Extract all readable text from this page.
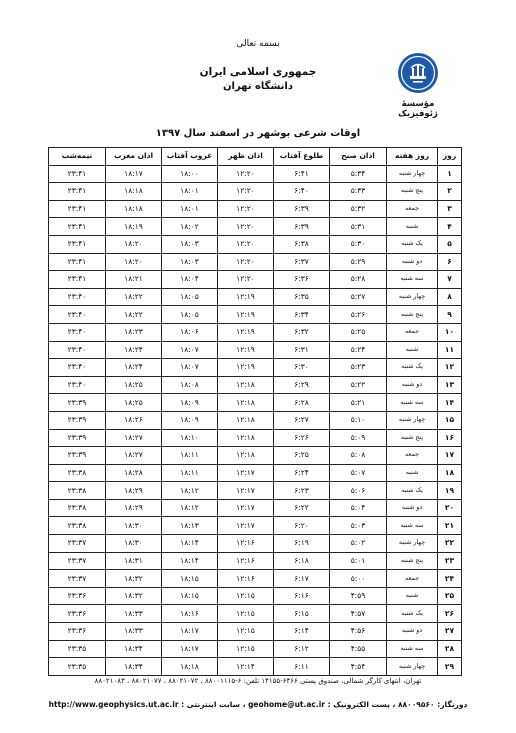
بسمه تعالی
جمهوری اسلامی ایران
دانشگاه تهران
مؤسسهٔ ژئوفیزیک
اوقات شرعی بوشهر در اسفند سال ۱۳۹۷
روز	روز هفته	اذان صبح	طلوع آفتاب	اذان ظهر	غروب آفتاب	اذان مغرب	نیمه‌شب
۱	چهار شنبه	۵:۳۴	۶:۴۱	۱۲:۲۰	۱۸:۰۰	۱۸:۱۷	۲۳:۴۱
۲	پنج شنبه	۵:۳۳	۶:۴۰	۱۲:۲۰	۱۸:۰۱	۱۸:۱۸	۲۳:۴۱
۳	جمعه	۵:۳۲	۶:۳۹	۱۲:۲۰	۱۸:۰۱	۱۸:۱۸	۲۳:۴۱
۴	شنبه	۵:۳۱	۶:۳۹	۱۲:۲۰	۱۸:۰۲	۱۸:۱۹	۲۳:۴۱
۵	یک شنبه	۵:۳۰	۶:۳۸	۱۲:۲۰	۱۸:۰۳	۱۸:۲۰	۲۳:۴۱
۶	دو شنبه	۵:۲۹	۶:۳۷	۱۲:۲۰	۱۸:۰۳	۱۸:۲۰	۲۳:۴۱
۷	سه شنبه	۵:۲۸	۶:۳۶	۱۲:۲۰	۱۸:۰۴	۱۸:۲۱	۲۳:۴۱
۸	چهار شنبه	۵:۲۷	۶:۳۵	۱۲:۱۹	۱۸:۰۵	۱۸:۲۲	۲۳:۴۰
۹	پنج شنبه	۵:۲۶	۶:۳۴	۱۲:۱۹	۱۸:۰۵	۱۸:۲۲	۲۳:۴۰
۱۰	جمعه	۵:۲۵	۶:۳۲	۱۲:۱۹	۱۸:۰۶	۱۸:۲۳	۲۳:۴۰
۱۱	شنبه	۵:۲۴	۶:۳۱	۱۲:۱۹	۱۸:۰۷	۱۸:۲۴	۲۳:۴۰
۱۲	یک شنبه	۵:۲۳	۶:۳۰	۱۲:۱۹	۱۸:۰۷	۱۸:۲۴	۲۳:۴۰
۱۳	دو شنبه	۵:۲۲	۶:۲۹	۱۲:۱۸	۱۸:۰۸	۱۸:۲۵	۲۳:۴۰
۱۴	سه شنبه	۵:۲۱	۶:۲۸	۱۲:۱۸	۱۸:۰۹	۱۸:۲۵	۲۳:۳۹
۱۵	چهار شنبه	۵:۱۰	۶:۲۷	۱۲:۱۸	۱۸:۰۹	۱۸:۲۶	۲۳:۳۹
۱۶	پنج شنبه	۵:۰۹	۶:۲۶	۱۲:۱۸	۱۸:۱۰	۱۸:۲۷	۲۳:۳۹
۱۷	جمعه	۵:۰۸	۶:۲۵	۱۲:۱۸	۱۸:۱۱	۱۸:۲۷	۲۳:۳۹
۱۸	شنبه	۵:۰۷	۶:۲۴	۱۲:۱۷	۱۸:۱۱	۱۸:۲۸	۲۳:۳۸
۱۹	یک شنبه	۵:۰۶	۶:۲۳	۱۲:۱۷	۱۸:۱۲	۱۸:۲۹	۲۳:۳۸
۲۰	دو شنبه	۵:۰۴	۶:۲۲	۱۲:۱۷	۱۸:۱۲	۱۸:۲۹	۲۳:۳۸
۲۱	سه شنبه	۵:۰۳	۶:۲۰	۱۲:۱۷	۱۸:۱۳	۱۸:۳۰	۲۳:۳۸
۲۲	چهار شنبه	۵:۰۲	۶:۱۹	۱۲:۱۶	۱۸:۱۴	۱۸:۳۰	۲۳:۳۷
۲۳	پنج شنبه	۵:۰۱	۶:۱۸	۱۲:۱۶	۱۸:۱۴	۱۸:۳۱	۲۳:۳۷
۲۴	جمعه	۵:۰۰	۶:۱۷	۱۲:۱۶	۱۸:۱۵	۱۸:۳۲	۲۳:۳۷
۲۵	شنبه	۴:۵۹	۶:۱۶	۱۲:۱۵	۱۸:۱۵	۱۸:۳۲	۲۳:۳۶
۲۶	یک شنبه	۴:۵۷	۶:۱۵	۱۲:۱۵	۱۸:۱۶	۱۸:۳۳	۲۳:۳۶
۲۷	دو شنبه	۴:۵۶	۶:۱۴	۱۲:۱۵	۱۸:۱۷	۱۸:۳۳	۲۳:۳۶
۲۸	سه شنبه	۴:۵۵	۶:۱۲	۱۲:۱۵	۱۸:۱۷	۱۸:۳۴	۲۳:۳۵
۲۹	چهار شنبه	۴:۵۴	۶:۱۱	۱۲:۱۴	۱۸:۱۸	۱۸:۳۴	۲۳:۳۵
تهران، انتهای کارگر شمالی، صندوق پستی ۶۴۶۶-۱۴۱۵۵ تلفن: ۶-۸۸۰۰۱۱۱۵ ، ۸۸۰۲۱۰۷۲ ، ۸۸۰۲۱۰۷۷ ، ۸۸۰۲۱۰۸۳
دورنگار: ۸۸۰۰۹۵۶۰ ، پست الکترونیک : geohome@ut.ac.ir ، سایت اینترنتی : http://www.geophysics.ut.ac.ir
